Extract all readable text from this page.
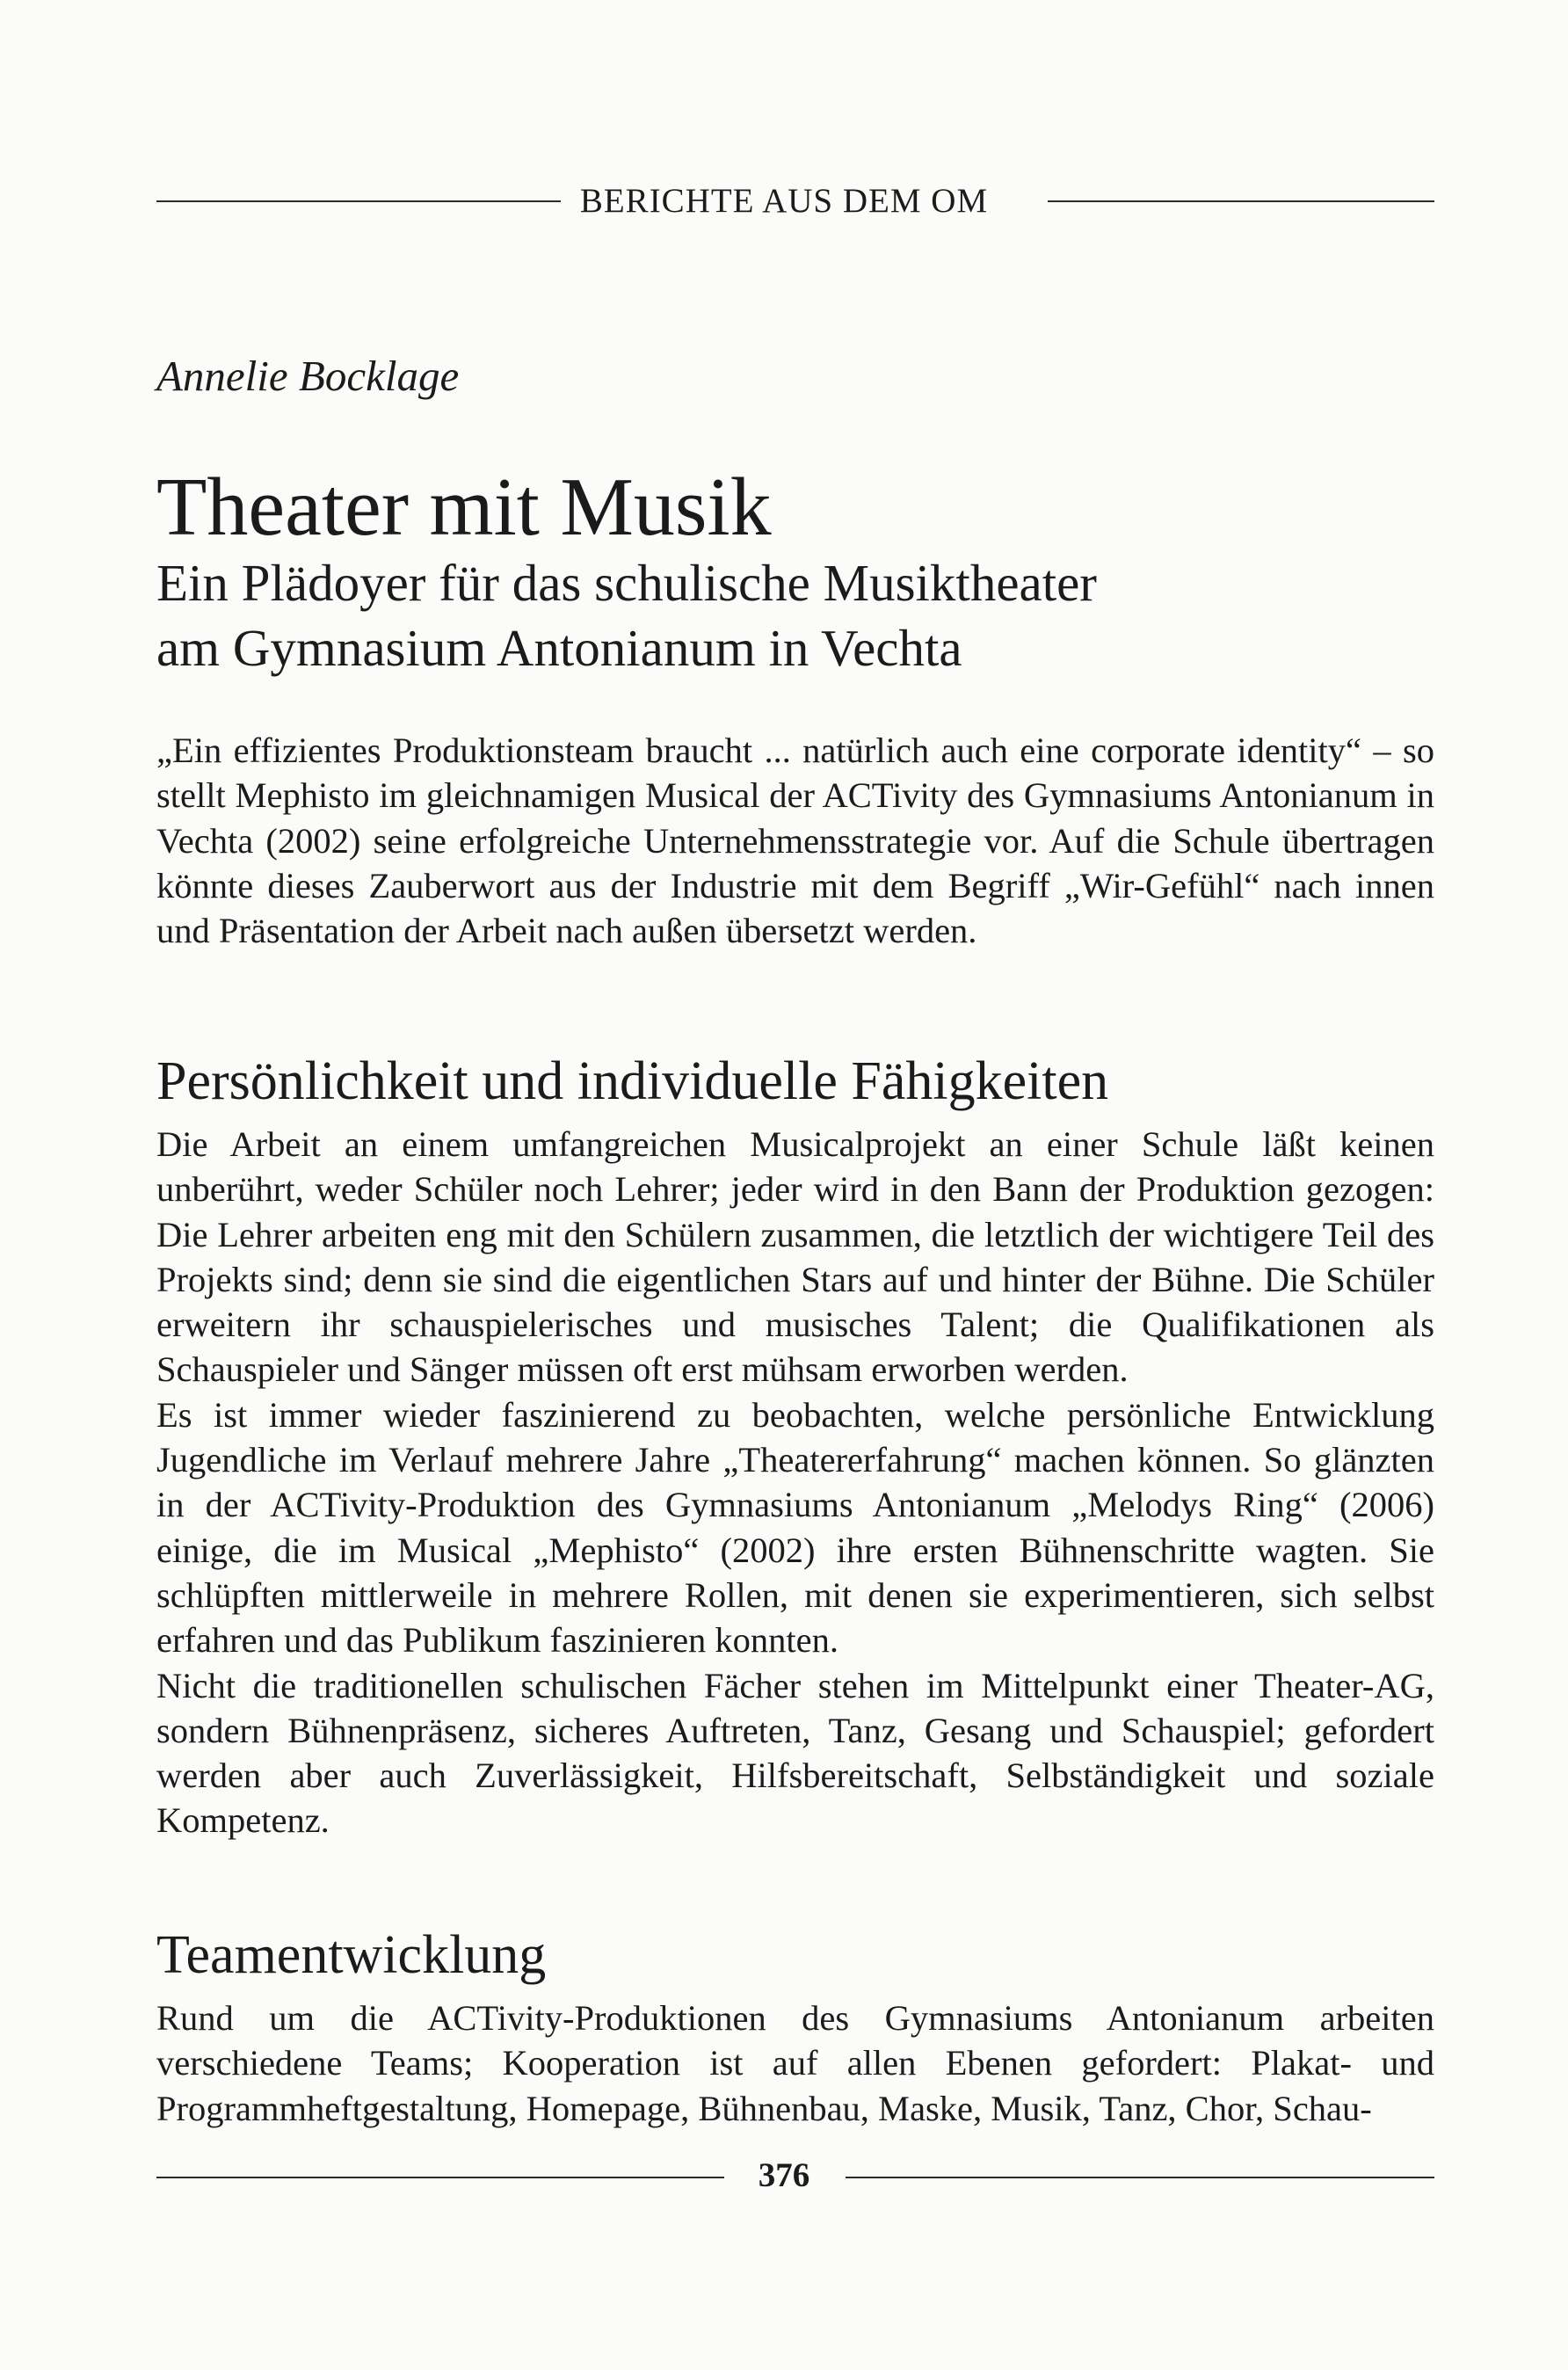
BERICHTE AUS DEM OM
Annelie Bocklage
Theater mit Musik
Ein Plädoyer für das schulische Musiktheater
am Gymnasium Antonianum in Vechta

„Ein effizientes Produktionsteam braucht ... natürlich auch eine corporate identity“ – so stellt Mephisto im gleichnamigen Musical der ACTivity des Gymnasiums Antonianum in Vechta (2002) seine erfolgreiche Unternehmensstrategie vor. Auf die Schule übertragen könnte dieses Zauberwort aus der Industrie mit dem Begriff „Wir-Gefühl“ nach innen und Präsentation der Arbeit nach außen übersetzt werden.

Persönlichkeit und individuelle Fähigkeiten

Die Arbeit an einem umfangreichen Musicalprojekt an einer Schule läßt keinen unberührt, weder Schüler noch Lehrer; jeder wird in den Bann der Produktion gezogen: Die Lehrer arbeiten eng mit den Schülern zusammen, die letztlich der wichtigere Teil des Projekts sind; denn sie sind die eigentlichen Stars auf und hinter der Bühne. Die Schüler erweitern ihr schauspielerisches und musisches Talent; die Qualifikationen als Schauspieler und Sänger müssen oft erst mühsam erworben werden.

Es ist immer wieder faszinierend zu beobachten, welche persönliche Entwicklung Jugendliche im Verlauf mehrere Jahre „Theatererfahrung“ machen können. So glänzten in der ACTivity-Produktion des Gymnasiums Antonianum „Melodys Ring“ (2006) einige, die im Musical „Mephisto“ (2002) ihre ersten Bühnenschritte wagten. Sie schlüpften mittlerweile in mehrere Rollen, mit denen sie experimentieren, sich selbst erfahren und das Publikum faszinieren konnten.

Nicht die traditionellen schulischen Fächer stehen im Mittelpunkt einer Theater-AG, sondern Bühnenpräsenz, sicheres Auftreten, Tanz, Gesang und Schauspiel; gefordert werden aber auch Zuverlässigkeit, Hilfsbereitschaft, Selbständigkeit und soziale Kompetenz.

Teamentwicklung

Rund um die ACTivity-Produktionen des Gymnasiums Antonianum arbeiten verschiedene Teams; Kooperation ist auf allen Ebenen gefordert: Plakat- und Programmheftgestaltung, Homepage, Bühnenbau, Maske, Musik, Tanz, Chor, Schau-

376
